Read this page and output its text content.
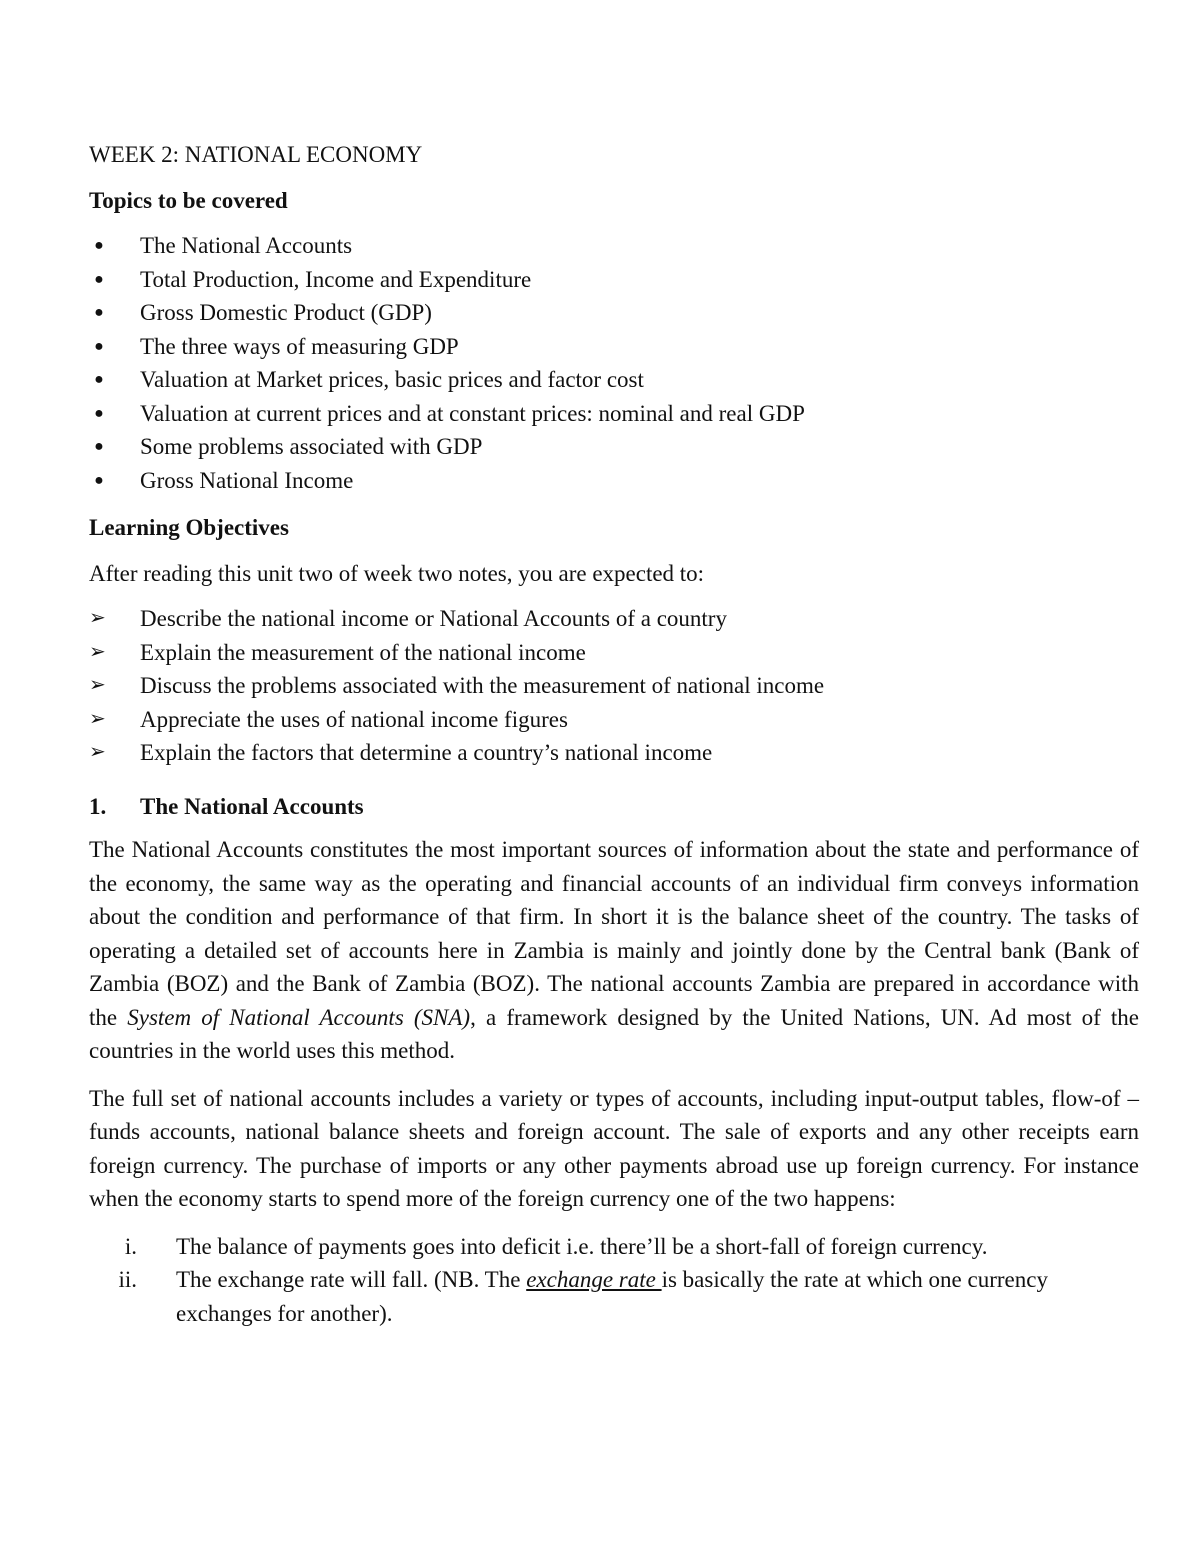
WEEK 2: NATIONAL ECONOMY
Topics to be covered
● The National Accounts
● Total Production, Income and Expenditure
● Gross Domestic Product (GDP)
● The three ways of measuring GDP
● Valuation at Market prices, basic prices and factor cost
● Valuation at current prices and at constant prices: nominal and real GDP
● Some problems associated with GDP
● Gross National Income
Learning Objectives
After reading this unit two of week two notes, you are expected to:
➢ Describe the national income or National Accounts of a country
➢ Explain the measurement of the national income
➢ Discuss the problems associated with the measurement of national income
➢ Appreciate the uses of national income figures
➢ Explain the factors that determine a country’s national income
1. The National Accounts

The National Accounts constitutes the most important sources of information about the state and performance of the economy, the same way as the operating and financial accounts of an individual firm conveys information about the condition and performance of that firm. In short it is the balance sheet of the country. The tasks of operating a detailed set of accounts here in Zambia is mainly and jointly done by the Central bank (Bank of Zambia (BOZ) and the Bank of Zambia (BOZ). The national accounts Zambia are prepared in accordance with the System of National Accounts (SNA), a framework designed by the United Nations, UN. Ad most of the countries in the world uses this method.

The full set of national accounts includes a variety or types of accounts, including input-output tables, flow-of –funds accounts, national balance sheets and foreign account. The sale of exports and any other receipts earn foreign currency. The purchase of imports or any other payments abroad use up foreign currency. For instance when the economy starts to spend more of the foreign currency one of the two happens:

i. The balance of payments goes into deficit i.e. there’ll be a short-fall of foreign currency.
ii. The exchange rate will fall. (NB. The exchange rate is basically the rate at which one currency exchanges for another).
